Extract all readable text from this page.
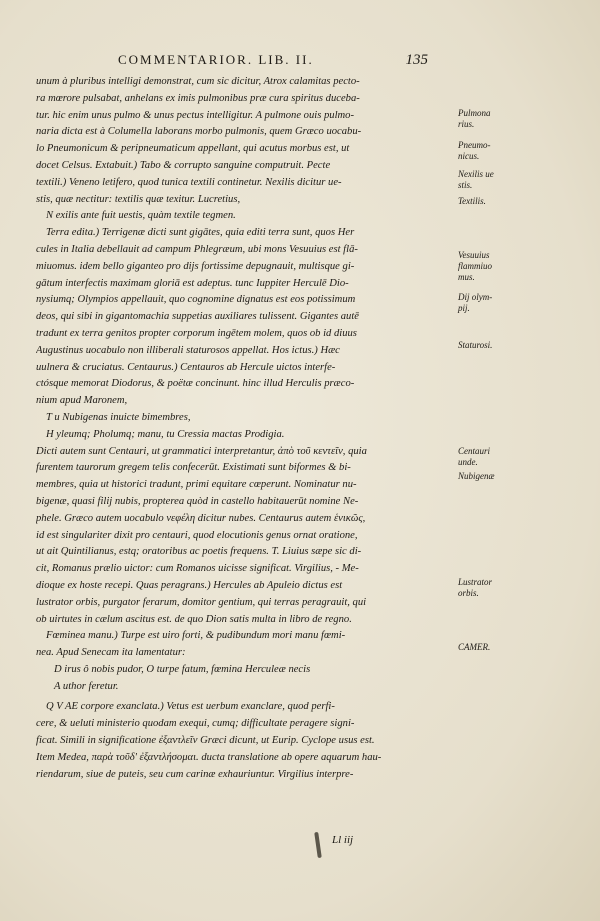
COMMENTARIOR. LIB. II.	135
unum à pluribus intelligi demonstrat, cum sic dicitur, Atrox calamitas pecto-
ra mœrore pulsabat, anhelans ex imis pulmonibus præ cura spiritus duceba-
tur. hic enim unus pulmo & unus pectus intelligitur. A pulmone ouis pulmo-
naria dicta est à Columella laborans morbo pulmonis, quem Græco uocabu-
lo Pneumonicum & peripneumaticum appellant, qui acutus morbus est, ut
docet Celsus. Extabuit.) Tabo & corrupto sanguine computruit. Pecte
textili.) Veneno letifero, quod tunica textili continetur. Nexilis dicitur ue-
stis, quæ nectitur: textilis quæ texitur. Lucretius,
N exilis ante fuit uestis, quàm textile tegmen.
Terra edita.) Terrigenæ dicti sunt gigātes, quia editi terra sunt, quos Her
cules in Italia debellauit ad campum Phlegræum, ubi mons Vesuuius est flā-
miuomus. idem bello giganteo pro dijs fortissime depugnauit, multisque gi-
gātum interfectis maximam gloriā est adeptus. tunc Iuppiter Herculē Dio-
nysiumq; Olympios appellauit, quo cognomine dignatus est eos potissimum
deos, qui sibi in gigantomachia suppetias auxiliares tulissent. Gigantes autē
tradunt ex terra genitos propter corporum ingētem molem, quos ob id diuus
Augustinus uocabulo non illiberali staturosos appellat. Hos ictus.) Hæc
uulnera & cruciatus. Centaurus.) Centauros ab Hercule uictos interfe-
ctósque memorat Diodorus, & poëtæ concinunt. hinc illud Herculis præco-
nium apud Maronem,
T u Nubigenas inuicte bimembres,
H yleumq; Pholumq; manu, tu Cressia mactas Prodigia.
Dicti autem sunt Centauri, ut grammatici interpretantur, ἀπὸ τοῦ κεντεῖν, quia
furentem taurorum gregem telis confecerūt. Existimati sunt biformes & bi-
membres, quia ut historici tradunt, primi equitare cœperunt. Nominatur nu-
bigenæ, quasi filij nubis, propterea quòd in castello habitauerūt nomine Ne-
phele. Græco autem uocabulo νεφέλη dicitur nubes. Centaurus autem ἑνικῶς,
id est singulariter dixit pro centauri, quod elocutionis genus ornat oratione,
ut ait Quintilianus, estq; oratoribus ac poetis frequens. T. Liuius sæpe sic di-
cit, Romanus prælio uictor: cum Romanos uicisse significat. Virgilius, - Me-
dioque ex hoste recepi. Quas peragrans.) Hercules ab Apuleio dictus est
lustrator orbis, purgator ferarum, domitor gentium, qui terras peragrauit, qui
ob uirtutes in cælum ascitus est. de quo Dion satis multa in libro de regno.
Fœminea manu.) Turpe est uiro forti, & pudibundum mori manu fœmi-
nea. Apud Senecam ita lamentatur:
D irus ô nobis pudor, O turpe fatum, fœmina Herculeæ necis
A uthor feretur.
Q V AE corpore exanclata.) Vetus est uerbum exanclare, quod perfi-
cere, & ueluti ministerio quodam exequi, cumq; difficultate peragere signi-
ficat. Simili in significatione ἐξαντλεῖν Græci dicunt, ut Eurip. Cyclope usus est.
Item Medea, παρὰ τοῦδ' ἐξαντλήσομαι. ducta translatione ab opere aquarum hau-
riendarum, siue de puteis, seu cum carinæ exhauriuntur. Virgilius interpre-
Pulmona
rius.
Pneumo-
nicus.
Nexilis ue
stis.
Textilis.
Vesuuius
flammiuo
mus.
Dij olym-
pij.
Staturosi.
Centauri
unde.
Nubigenæ
Lustrator
orbis.
CAMER.
Ll iij
